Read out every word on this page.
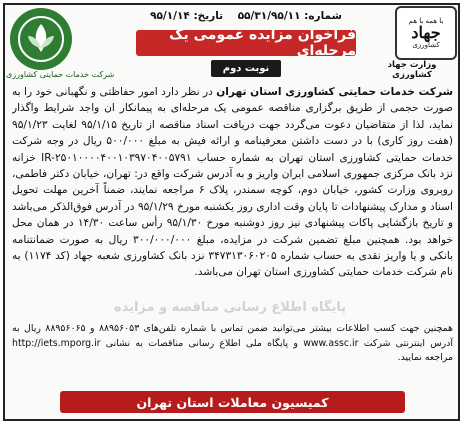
شرکت خدمات حمایتی کشاورزی
شماره: ۵۵/۳۱/۹۵/۱۱    تاریخ: ۹۵/۱/۱۴
فراخوان مزایده عمومی یک مرحله‌ای
نوبت دوم
با همه با هم
جهاد
کشاورزی
وزارت جهاد کشاورزی
شرکت خدمات حمایتی کشاورزی استان تهران در نظر دارد امور حفاظتی و نگهبانی خود را به صورت حجمی از طریق برگزاری مناقصه عمومی یک مرحله‌ای به پیمانکار ان واجد شرایط واگذار نماید، لذا از متقاضیان دعوت می‌گردد جهت دریافت اسناد مناقصه از تاریخ ۹۵/۱/۱۵ لغایت ۹۵/۱/۲۳ (هفت روز کاری) با در دست داشتن معرفینامه و ارائه فیش به مبلغ ۵۰۰/۰۰۰ ریال در وجه شرکت خدمات حمایتی کشاورزی استان تهران به شماره حساب IR-۲۵۰۱۰۰۰۰۴۰۰۱۰۳۹۷۰۴۰۰۵۷۹۱ خزانه نزد بانک مرکزی جمهوری اسلامی ایران واریز و به آدرس شرکت واقع در: تهران، خیابان دکتر فاطمی، روبروی وزارت کشور، خیابان دوم، کوچه سمندر، پلاک ۶ مراجعه نمایند، ضمناً آخرین مهلت تحویل اسناد و مدارک پیشنهادات تا پایان وقت اداری روز یکشنبه مورخ ۹۵/۱/۲۹ در آدرس فوق‌الذکر می‌باشد و تاریخ بازگشایی پاکات پیشنهادی نیز روز دوشنبه مورخ ۹۵/۱/۳۰ رأس ساعت ۱۴/۳۰ در همان محل خواهد بود. همچنین مبلغ تضمین شرکت در مزایده، مبلغ ۳۰۰/۰۰۰/۰۰۰ ریال به صورت ضمانتنامه بانکی و یا واریز نقدی به حساب شماره ۳۴۷۳۱۳۰۶۰۲۰۵ نزد بانک کشاورزی شعبه جهاد (کد ۱۱۷۴) به نام شرکت خدمات حمایتی کشاورزی استان تهران می‌باشد.
پایگاه اطلاع رسانی مناقصه و مزایده
همچنین جهت کسب اطلاعات بیشتر می‌توانید ضمن تماس با شماره تلفن‌های ۸۸۹۵۶۰۵۳ و ۸۸۹۵۶۰۶۵ ریال به آدرس اینترنتی شرکت www.assc.ir و پایگاه ملی اطلاع رسانی مناقصات به نشانی http://iets.mporg.ir مراجعه نمایید.
کمیسیون معاملات استان تهران
